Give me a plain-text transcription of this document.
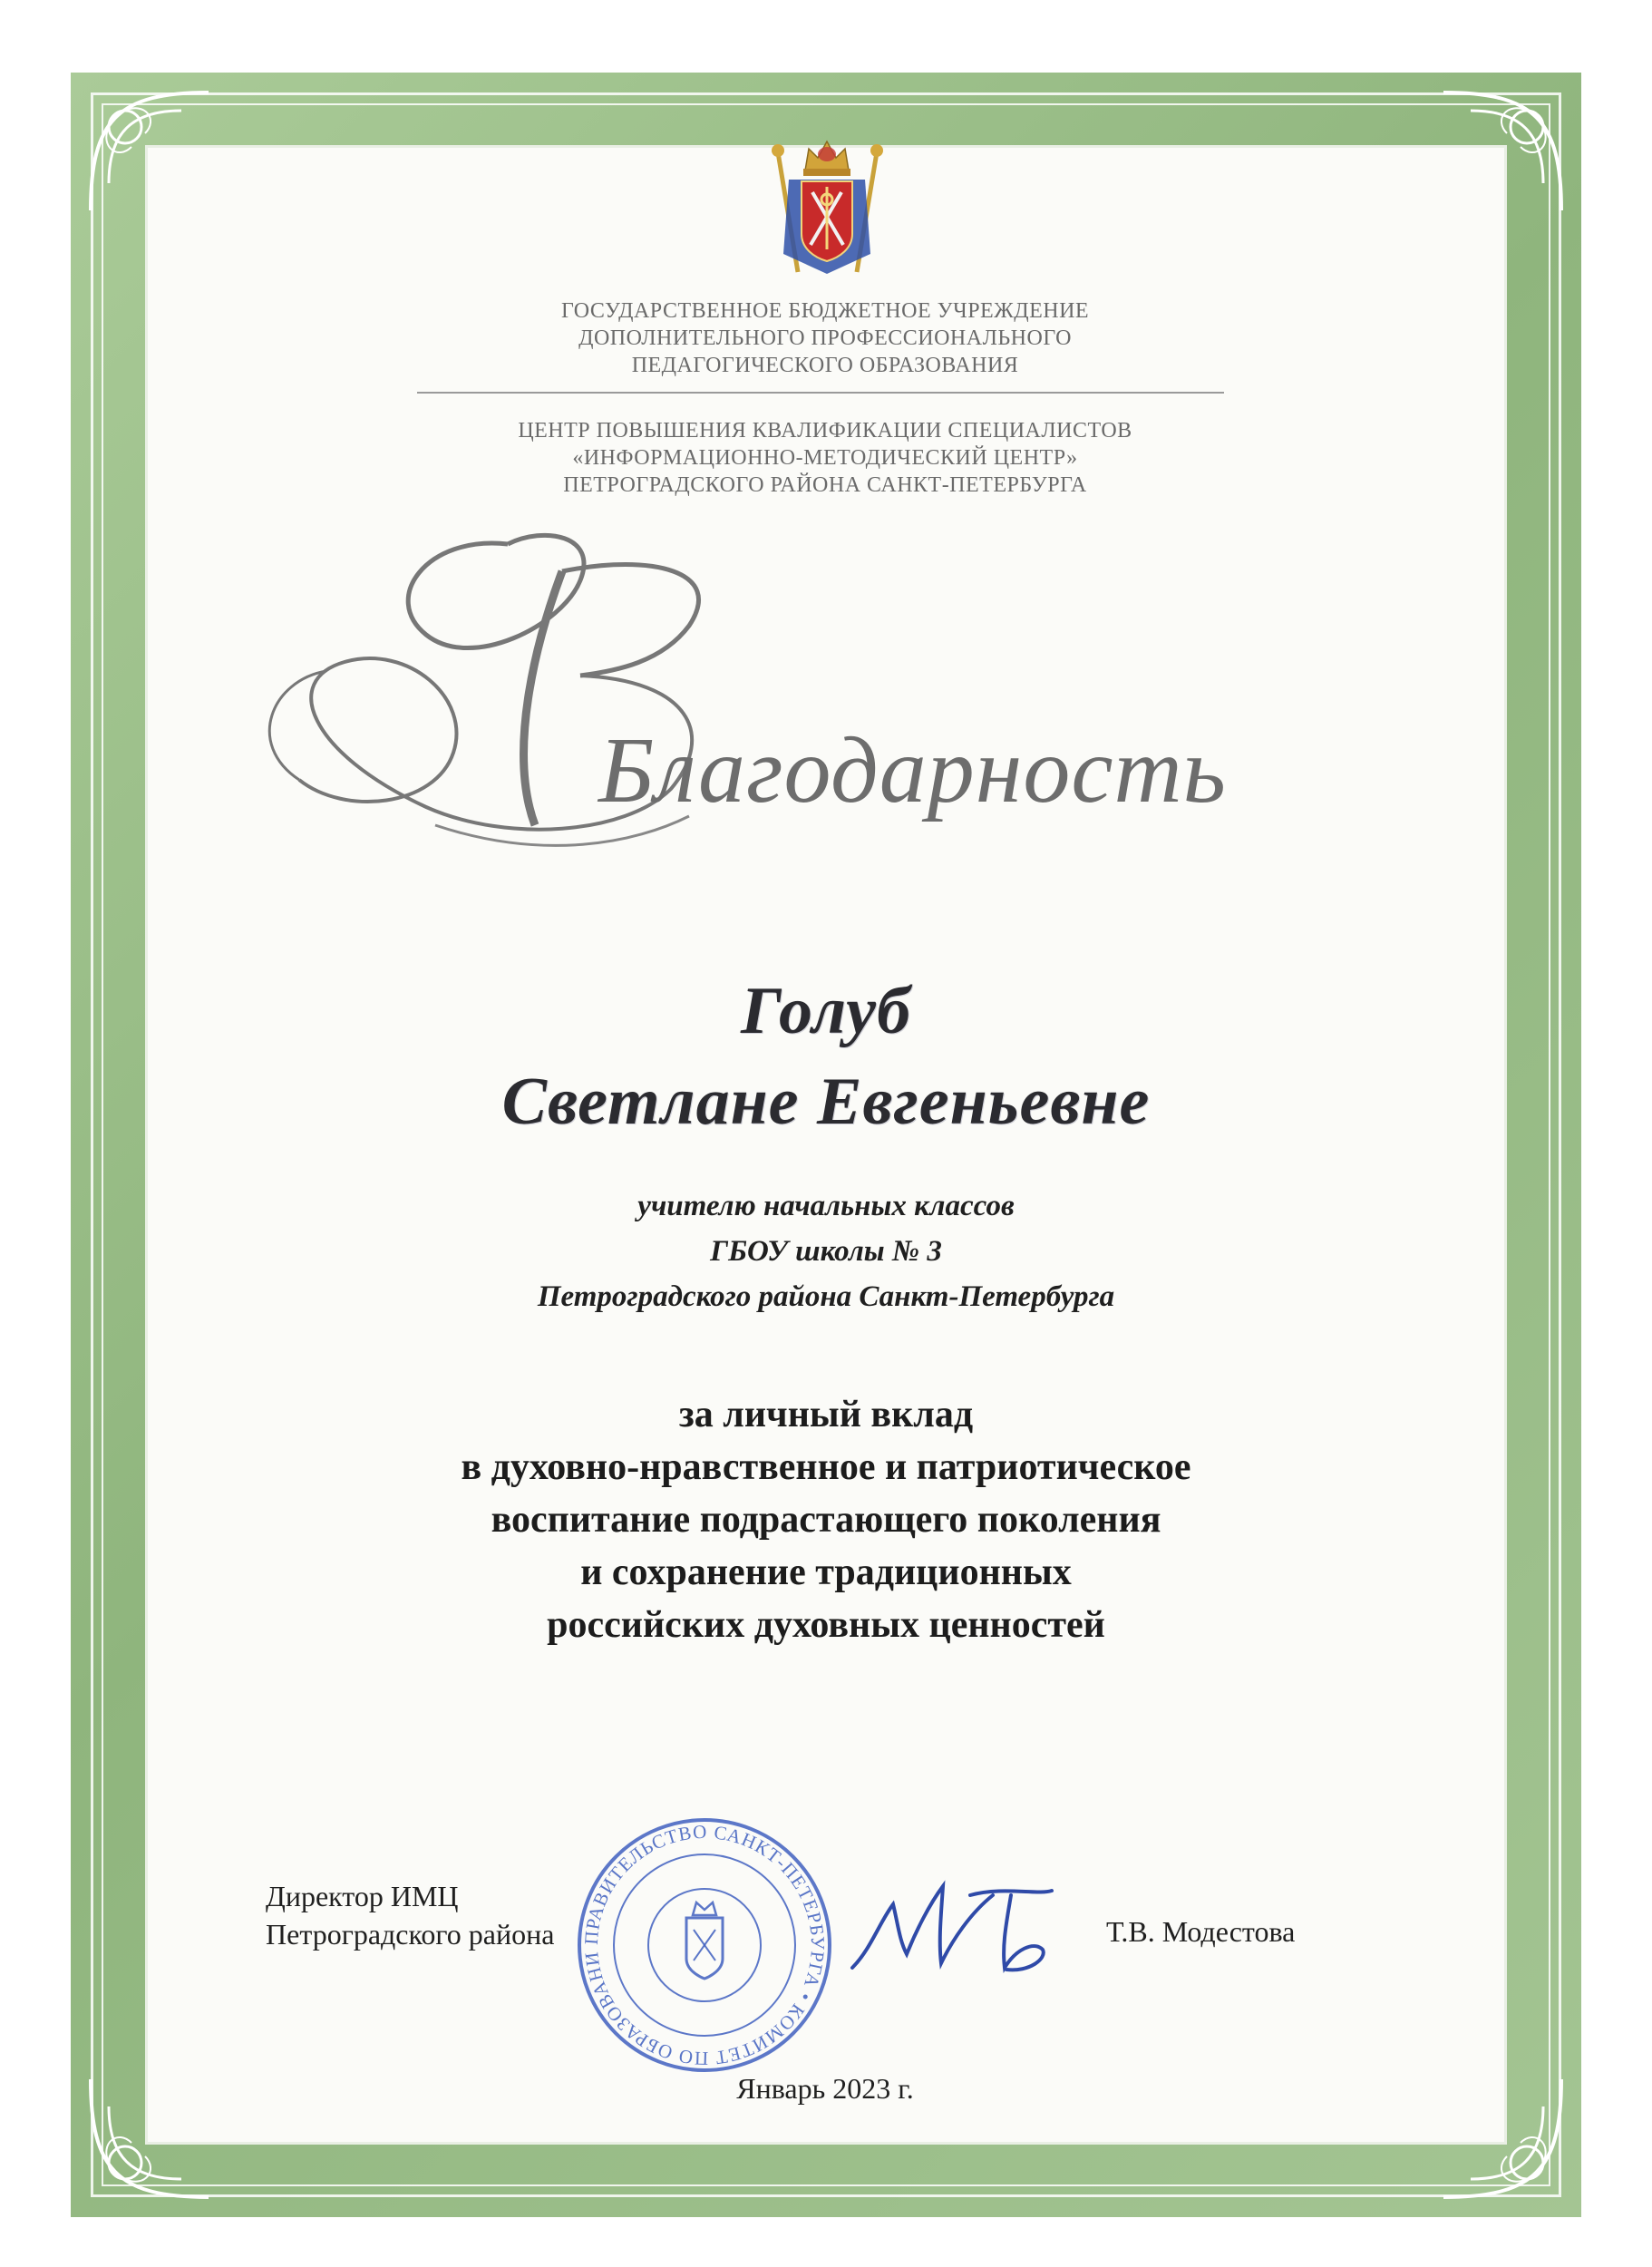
ГОСУДАРСТВЕННОЕ БЮДЖЕТНОЕ УЧРЕЖДЕНИЕ
ДОПОЛНИТЕЛЬНОГО ПРОФЕССИОНАЛЬНОГО
ПЕДАГОГИЧЕСКОГО ОБРАЗОВАНИЯ
ЦЕНТР ПОВЫШЕНИЯ КВАЛИФИКАЦИИ СПЕЦИАЛИСТОВ
«ИНФОРМАЦИОННО-МЕТОДИЧЕСКИЙ ЦЕНТР»
ПЕТРОГРАДСКОГО РАЙОНА САНКТ-ПЕТЕРБУРГА
Благодарность
Голуб
Светлане Евгеньевне
учителю начальных классов
ГБОУ школы № 3
Петроградского района Санкт-Петербурга
за личный вклад
в духовно-нравственное и патриотическое
воспитание подрастающего поколения
и сохранение традиционных
российских духовных ценностей
ПРАВИТЕЛЬСТВО САНКТ-ПЕТЕРБУРГА • КОМИТЕТ ПО ОБРАЗОВАНИ
Директор ИМЦ
Петроградского района	Т.В. Модестова
Январь 2023 г.
